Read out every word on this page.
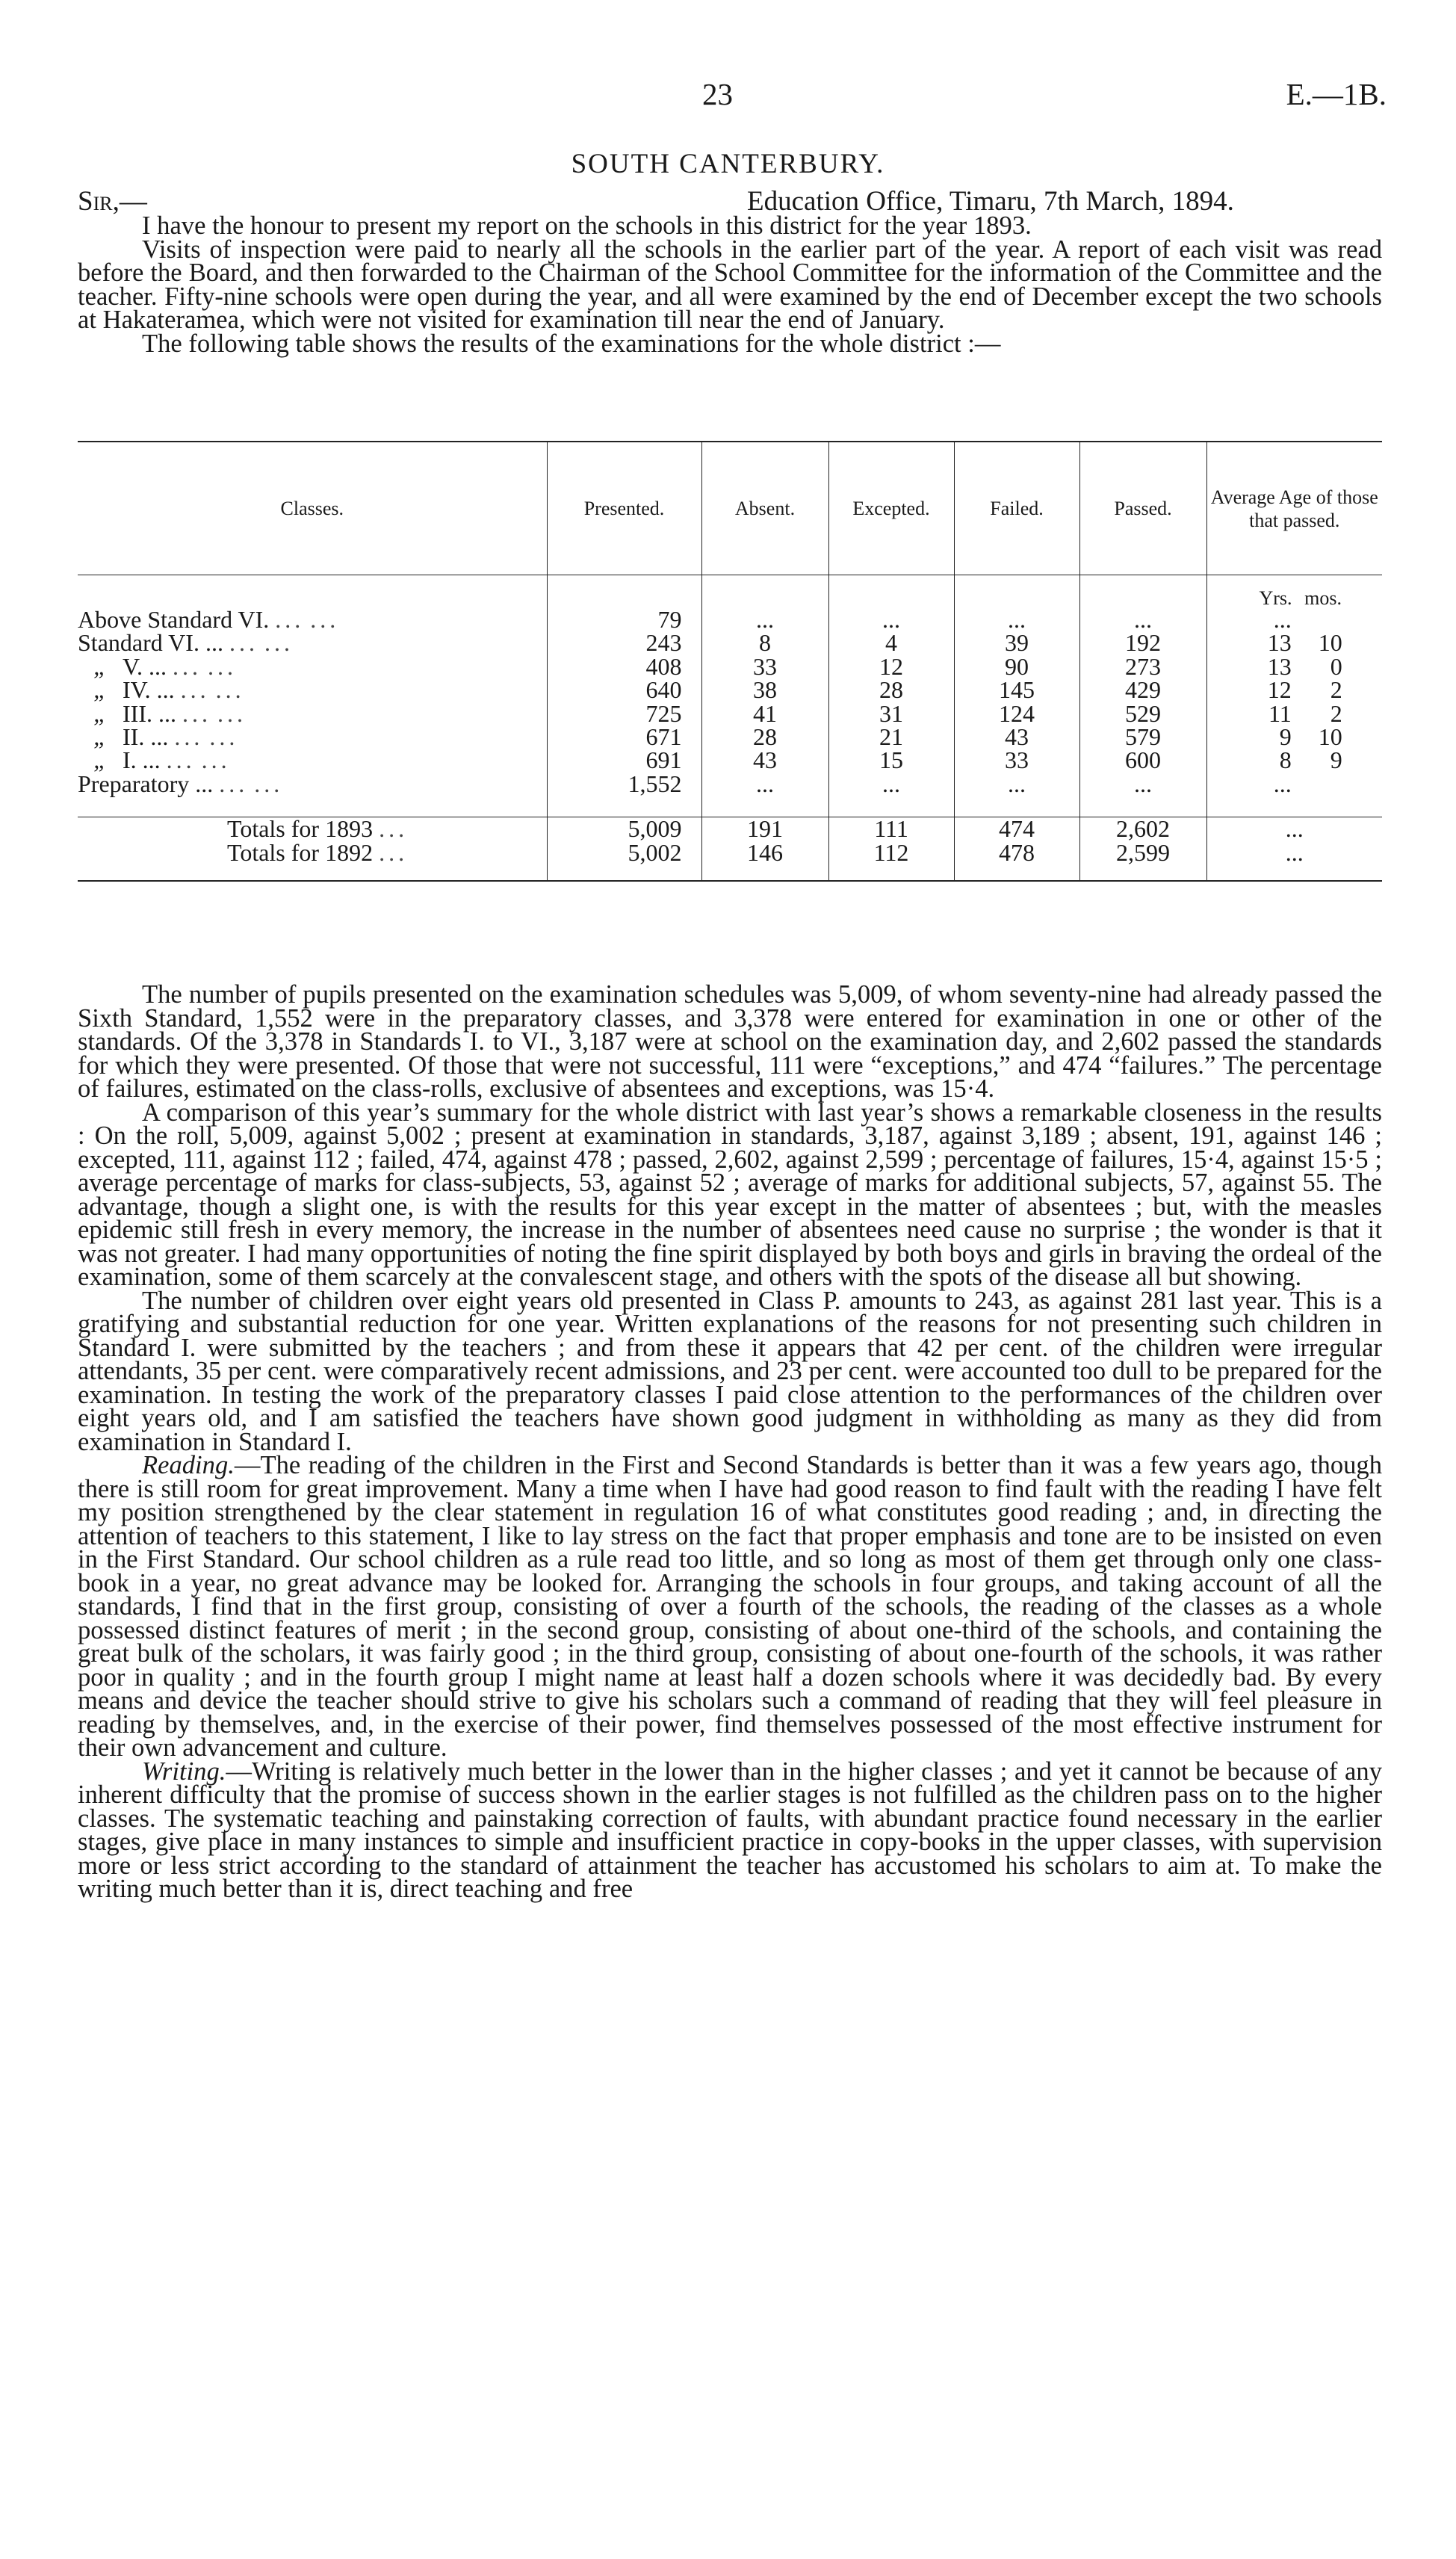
23	E.—1B.
SOUTH CANTERBURY.
Sir,—	Education Office, Timaru, 7th March, 1894.

I have the honour to present my report on the schools in this district for the year 1893.

Visits of inspection were paid to nearly all the schools in the earlier part of the year. A report of each visit was read before the Board, and then forwarded to the Chairman of the School Committee for the information of the Committee and the teacher. Fifty-nine schools were open during the year, and all were examined by the end of December except the two schools at Hakateramea, which were not visited for examination till near the end of January.

The following table shows the results of the examinations for the whole district :—

Classes.	Presented.	Absent.	Excepted.	Failed.	Passed.	Average Age of those that passed.
						Yrs. mos.
Above Standard VI. ... ...	79	...	...	...	...	...
Standard VI. ... ... ...	243	8	4	39	192	13 10
„ V. ... ... ...	408	33	12	90	273	13 0
„ IV. ... ... ...	640	38	28	145	429	12 2
„ III. ... ... ...	725	41	31	124	529	11 2
„ II. ... ... ...	671	28	21	43	579	9 10
„ I. ... ... ...	691	43	15	33	600	8 9
Preparatory ... ... ...	1,552	...	...	...	...	...

Totals for 1893 ...	5,009	191	111	474	2,602	...
Totals for 1892 ...	5,002	146	112	478	2,599	...

The number of pupils presented on the examination schedules was 5,009, of whom seventy-nine had already passed the Sixth Standard, 1,552 were in the preparatory classes, and 3,378 were entered for examination in one or other of the standards. Of the 3,378 in Standards I. to VI., 3,187 were at school on the examination day, and 2,602 passed the standards for which they were presented. Of those that were not successful, 111 were “exceptions,” and 474 “failures.” The percentage of failures, estimated on the class-rolls, exclusive of absentees and exceptions, was 15·4.

A comparison of this year’s summary for the whole district with last year’s shows a remarkable closeness in the results : On the roll, 5,009, against 5,002 ; present at examination in standards, 3,187, against 3,189 ; absent, 191, against 146 ; excepted, 111, against 112 ; failed, 474, against 478 ; passed, 2,602, against 2,599 ; percentage of failures, 15·4, against 15·5 ; average percentage of marks for class-subjects, 53, against 52 ; average of marks for additional subjects, 57, against 55. The advantage, though a slight one, is with the results for this year except in the matter of absentees ; but, with the measles epidemic still fresh in every memory, the increase in the number of absentees need cause no surprise ; the wonder is that it was not greater. I had many opportunities of noting the fine spirit displayed by both boys and girls in braving the ordeal of the examination, some of them scarcely at the convalescent stage, and others with the spots of the disease all but showing.

The number of children over eight years old presented in Class P. amounts to 243, as against 281 last year. This is a gratifying and substantial reduction for one year. Written explanations of the reasons for not presenting such children in Standard I. were submitted by the teachers ; and from these it appears that 42 per cent. of the children were irregular attendants, 35 per cent. were comparatively recent admissions, and 23 per cent. were accounted too dull to be prepared for the examination. In testing the work of the preparatory classes I paid close attention to the performances of the children over eight years old, and I am satisfied the teachers have shown good judgment in withholding as many as they did from examination in Standard I.

Reading.—The reading of the children in the First and Second Standards is better than it was a few years ago, though there is still room for great improvement. Many a time when I have had good reason to find fault with the reading I have felt my position strengthened by the clear statement in regulation 16 of what constitutes good reading ; and, in directing the attention of teachers to this statement, I like to lay stress on the fact that proper emphasis and tone are to be insisted on even in the First Standard. Our school children as a rule read too little, and so long as most of them get through only one class-book in a year, no great advance may be looked for. Arranging the schools in four groups, and taking account of all the standards, I find that in the first group, consisting of over a fourth of the schools, the reading of the classes as a whole possessed distinct features of merit ; in the second group, consisting of about one-third of the schools, and containing the great bulk of the scholars, it was fairly good ; in the third group, consisting of about one-fourth of the schools, it was rather poor in quality ; and in the fourth group I might name at least half a dozen schools where it was decidedly bad. By every means and device the teacher should strive to give his scholars such a command of reading that they will feel pleasure in reading by themselves, and, in the exercise of their power, find themselves possessed of the most effective instrument for their own advancement and culture.

Writing.—Writing is relatively much better in the lower than in the higher classes ; and yet it cannot be because of any inherent difficulty that the promise of success shown in the earlier stages is not fulfilled as the children pass on to the higher classes. The systematic teaching and painstaking correction of faults, with abundant practice found necessary in the earlier stages, give place in many instances to simple and insufficient practice in copy-books in the upper classes, with supervision more or less strict according to the standard of attainment the teacher has accustomed his scholars to aim at. To make the writing much better than it is, direct teaching and free
